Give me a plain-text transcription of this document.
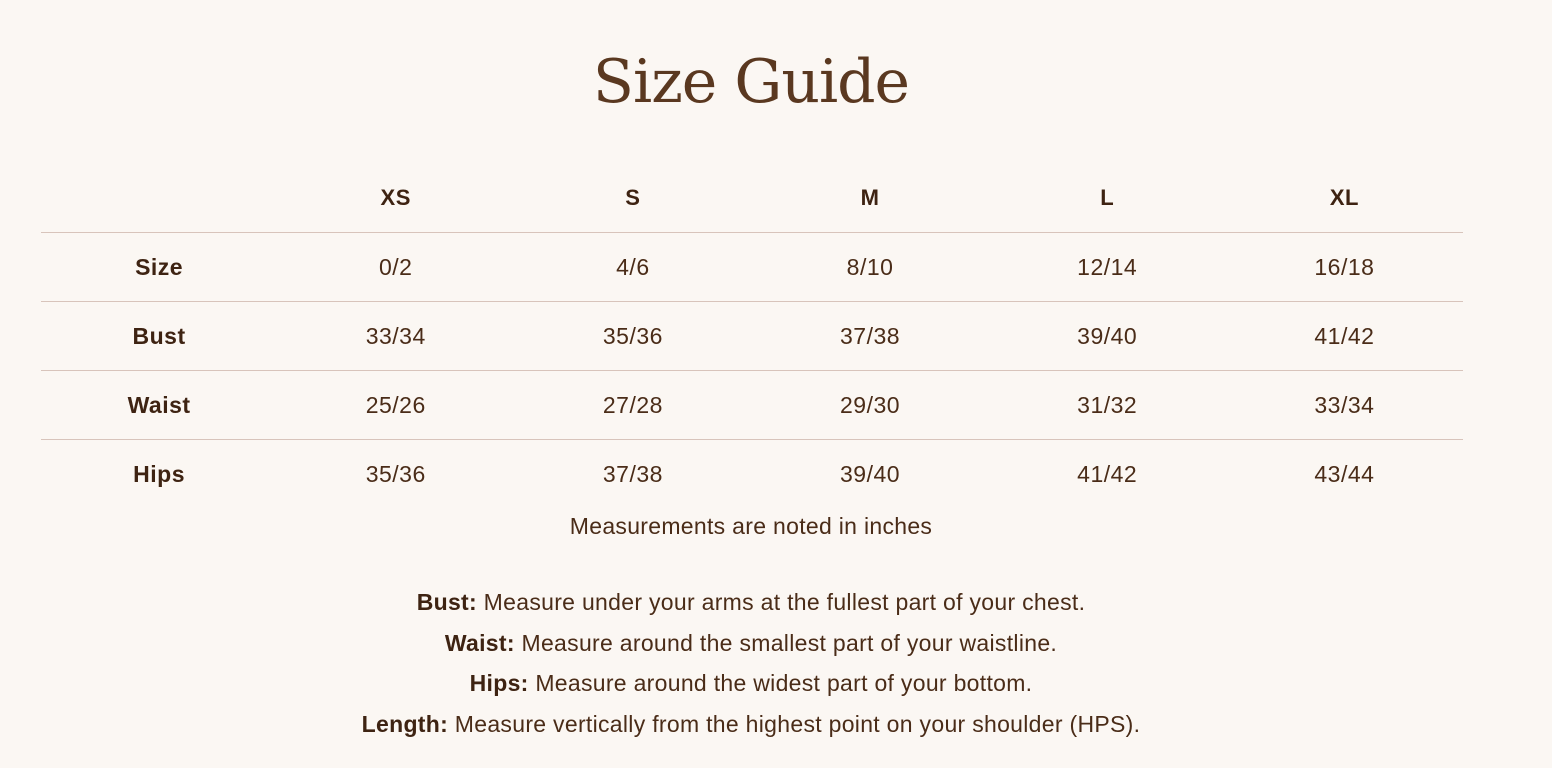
Size Guide
	XS	S	M	L	XL
Size	0/2	4/6	8/10	12/14	16/18
Bust	33/34	35/36	37/38	39/40	41/42
Waist	25/26	27/28	29/30	31/32	33/34
Hips	35/36	37/38	39/40	41/42	43/44
Measurements are noted in inches

Bust: Measure under your arms at the fullest part of your chest.

Waist: Measure around the smallest part of your waistline.

Hips: Measure around the widest part of your bottom.

Length: Measure vertically from the highest point on your shoulder (HPS).
